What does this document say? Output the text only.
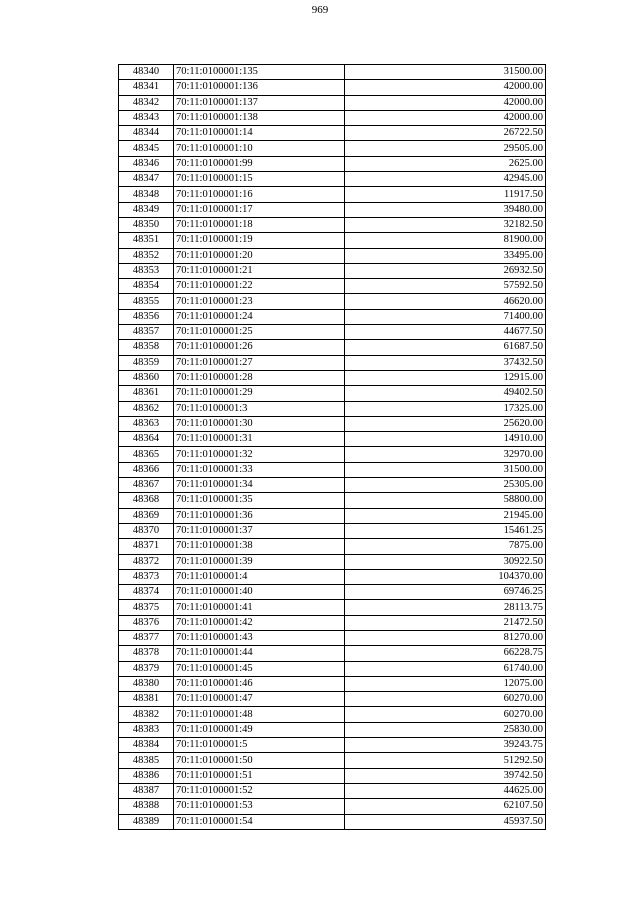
969
48340	70:11:0100001:135	31500.00
48341	70:11:0100001:136	42000.00
48342	70:11:0100001:137	42000.00
48343	70:11:0100001:138	42000.00
48344	70:11:0100001:14	26722.50
48345	70:11:0100001:10	29505.00
48346	70:11:0100001:99	2625.00
48347	70:11:0100001:15	42945.00
48348	70:11:0100001:16	11917.50
48349	70:11:0100001:17	39480.00
48350	70:11:0100001:18	32182.50
48351	70:11:0100001:19	81900.00
48352	70:11:0100001:20	33495.00
48353	70:11:0100001:21	26932.50
48354	70:11:0100001:22	57592.50
48355	70:11:0100001:23	46620.00
48356	70:11:0100001:24	71400.00
48357	70:11:0100001:25	44677.50
48358	70:11:0100001:26	61687.50
48359	70:11:0100001:27	37432.50
48360	70:11:0100001:28	12915.00
48361	70:11:0100001:29	49402.50
48362	70:11:0100001:3	17325.00
48363	70:11:0100001:30	25620.00
48364	70:11:0100001:31	14910.00
48365	70:11:0100001:32	32970.00
48366	70:11:0100001:33	31500.00
48367	70:11:0100001:34	25305.00
48368	70:11:0100001:35	58800.00
48369	70:11:0100001:36	21945.00
48370	70:11:0100001:37	15461.25
48371	70:11:0100001:38	7875.00
48372	70:11:0100001:39	30922.50
48373	70:11:0100001:4	104370.00
48374	70:11:0100001:40	69746.25
48375	70:11:0100001:41	28113.75
48376	70:11:0100001:42	21472.50
48377	70:11:0100001:43	81270.00
48378	70:11:0100001:44	66228.75
48379	70:11:0100001:45	61740.00
48380	70:11:0100001:46	12075.00
48381	70:11:0100001:47	60270.00
48382	70:11:0100001:48	60270.00
48383	70:11:0100001:49	25830.00
48384	70:11:0100001:5	39243.75
48385	70:11:0100001:50	51292.50
48386	70:11:0100001:51	39742.50
48387	70:11:0100001:52	44625.00
48388	70:11:0100001:53	62107.50
48389	70:11:0100001:54	45937.50
